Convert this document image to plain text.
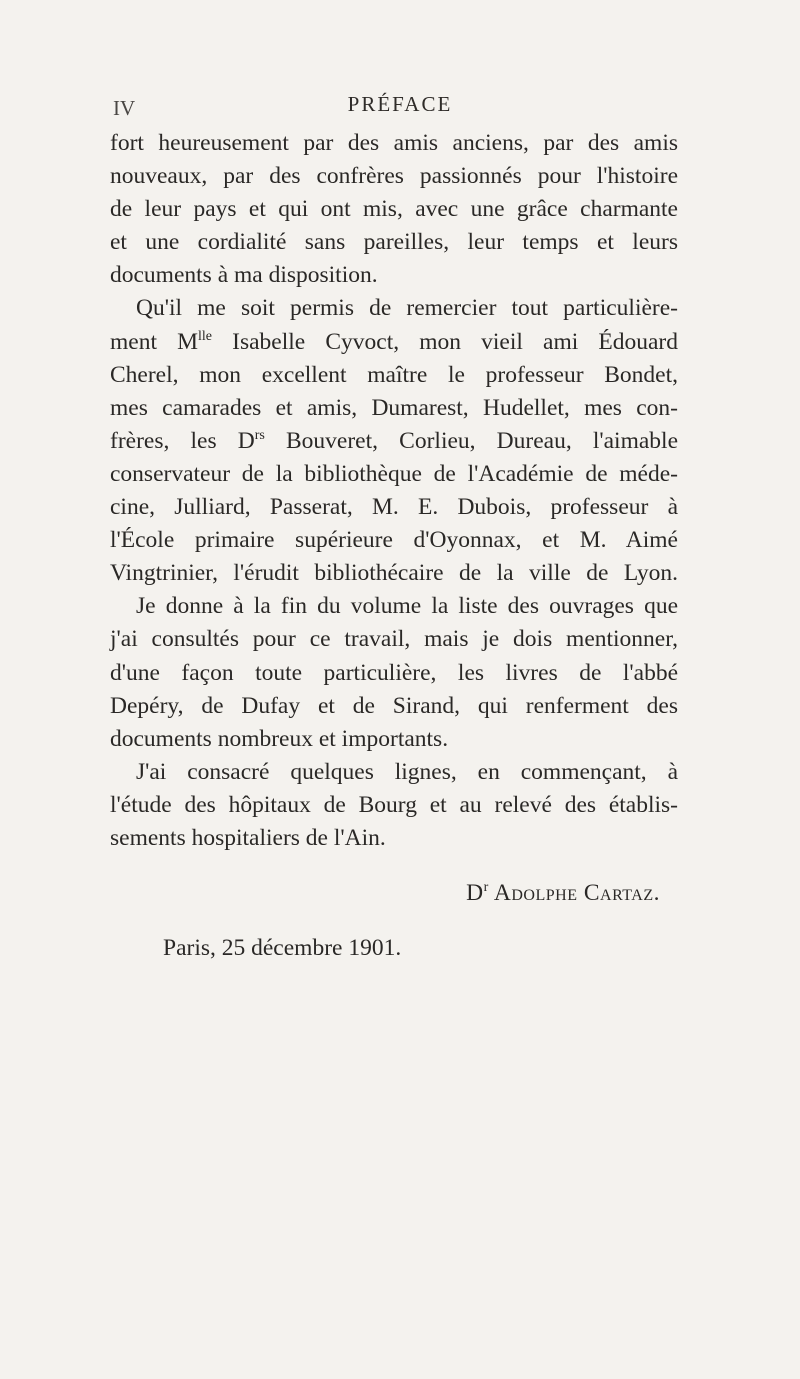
IV	PRÉFACE
fort heureusement par des amis anciens, par des amis
nouveaux, par des confrères passionnés pour l'histoire
de leur pays et qui ont mis, avec une grâce charmante
et une cordialité sans pareilles, leur temps et leurs
documents à ma disposition.
Qu'il me soit permis de remercier tout particulière-
ment $M^{lle}$ Isabelle Cyvoct, mon vieil ami Édouard
Cherel, mon excellent maître le professeur Bondet,
mes camarades et amis, Dumarest, Hudellet, mes con-
frères, les $D^{rs}$ Bouveret, Corlieu, Dureau, l'aimable
conservateur de la bibliothèque de l'Académie de méde-
cine, Julliard, Passerat, M. E. Dubois, professeur à
l'École primaire supérieure d'Oyonnax, et M. Aimé
Vingtrinier, l'érudit bibliothécaire de la ville de Lyon.
Je donne à la fin du volume la liste des ouvrages que
j'ai consultés pour ce travail, mais je dois mentionner,
d'une façon toute particulière, les livres de l'abbé
Depéry, de Dufay et de Sirand, qui renferment des
documents nombreux et importants.
J'ai consacré quelques lignes, en commençant, à
l'étude des hôpitaux de Bourg et au relevé des établis-
sements hospitaliers de l'Ain.
$D^r$ Adolphe Cartaz.
Paris, 25 décembre 1901.
